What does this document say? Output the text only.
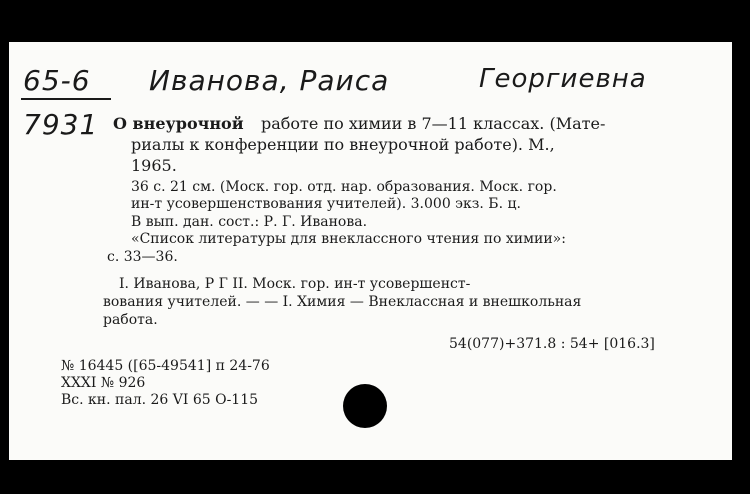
65-6 Иванова, Раиса	Георгиевна
7931 О внеурочной работе по химии в 7—11 классах. (Мате-
риалы к конференции по внеурочной работе). М.,
1965.
36 с. 21 см. (Моск. гор. отд. нар. образования. Моск. гор.
ин-т усовершенствования учителей). 3.000 экз. Б. ц.
В вып. дан. сост.: Р. Г. Иванова.
«Список литературы для внеклассного чтения по химии»:
с. 33—36.
I. Иванова, Р Г II. Моск. гор. ин-т усовершенст-
вования учителей. — — I. Химия — Внеклассная и внешкольная
работа.
54(077)+371.8 : 54+ [016.3]
№ 16445 ([65-49541] п 24-76
XXXI № 926
Вс. кн. пал. 26 VI 65 О-115
